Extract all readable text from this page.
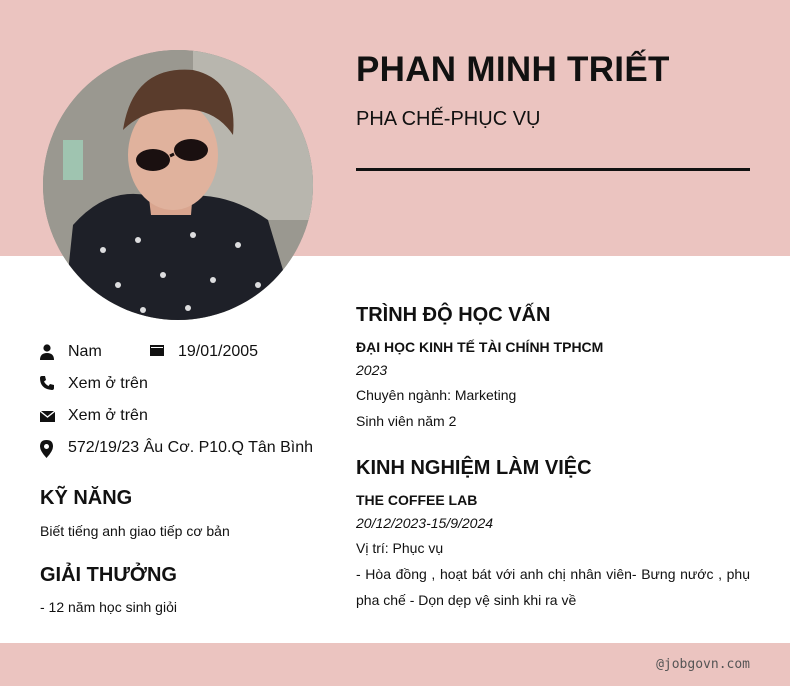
PHAN MINH TRIẾT
PHA CHẾ-PHỤC VỤ
Nam	19/01/2005
Xem ở trên
Xem ở trên
572/19/23 Âu Cơ. P10.Q Tân Bình
KỸ NĂNG
Biết tiếng anh giao tiếp cơ bản
GIẢI THƯỞNG
- 12 năm học sinh giỏi
TRÌNH ĐỘ HỌC VẤN
ĐẠI HỌC KINH TẾ TÀI CHÍNH TPHCM
2023
Chuyên ngành: Marketing
Sinh viên năm 2
KINH NGHIỆM LÀM VIỆC
THE COFFEE LAB
20/12/2023-15/9/2024
Vị trí: Phục vụ
- Hòa đồng , hoạt bát với anh chị nhân viên- Bưng nước , phụ pha chế - Dọn dẹp vệ sinh khi ra về
@jobgovn.com
